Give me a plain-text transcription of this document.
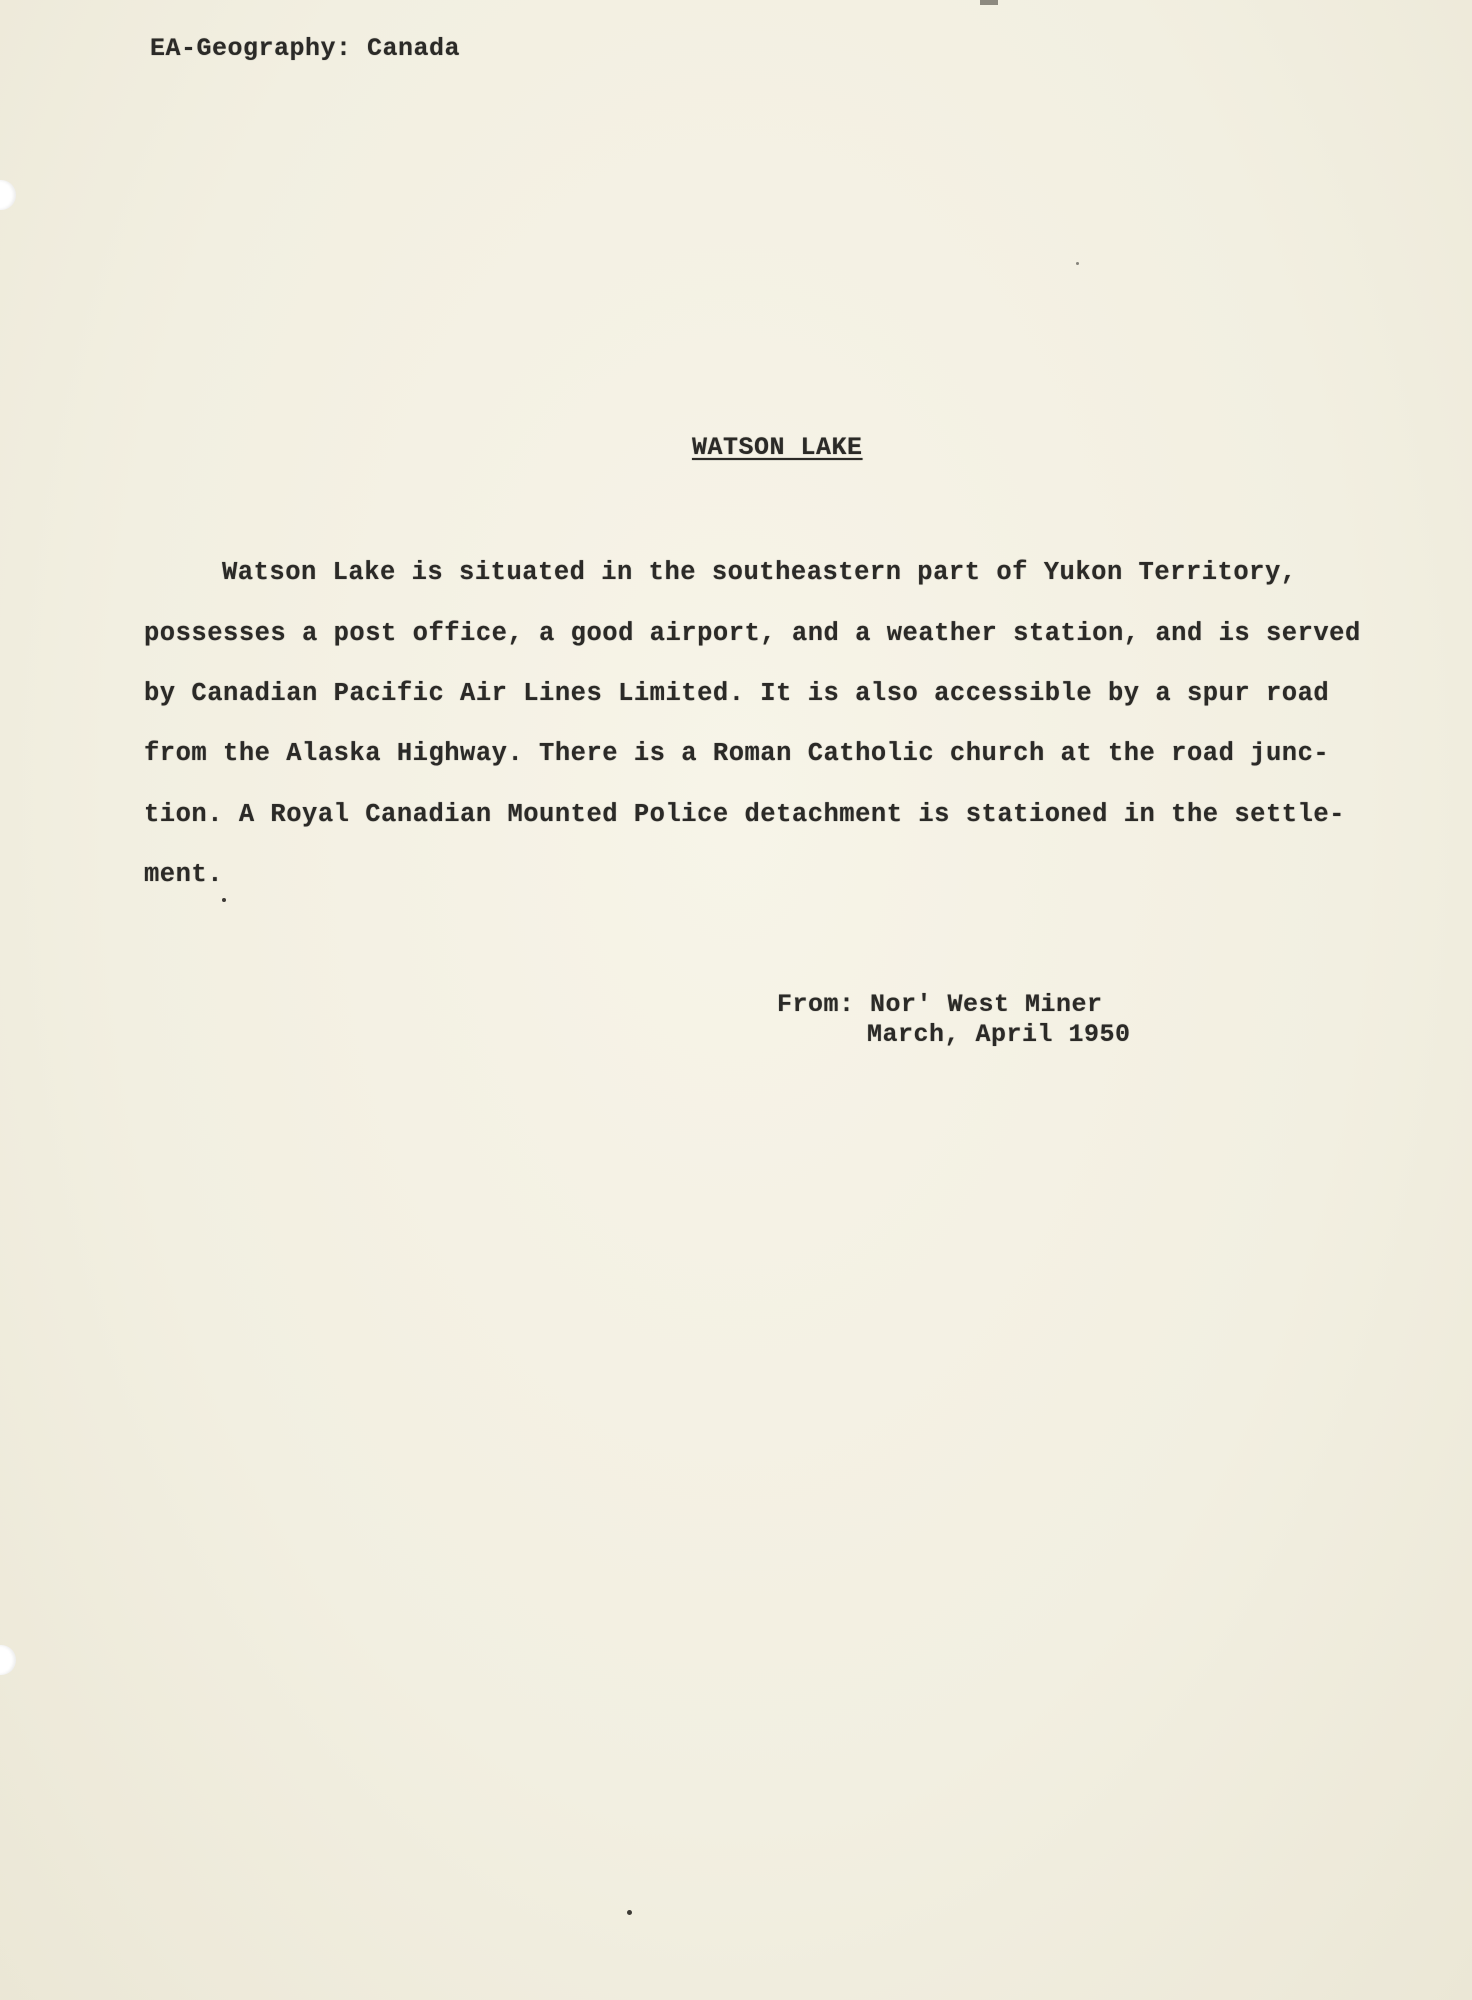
EA-Geography: Canada
WATSON LAKE
Watson Lake is situated in the southeastern part of Yukon Territory,
possesses a post office, a good airport, and a weather station, and is served
by Canadian Pacific Air Lines Limited. It is also accessible by a spur road
from the Alaska Highway. There is a Roman Catholic church at the road junc-
tion. A Royal Canadian Mounted Police detachment is stationed in the settle-
ment.
From: Nor' West Miner
March, April 1950
